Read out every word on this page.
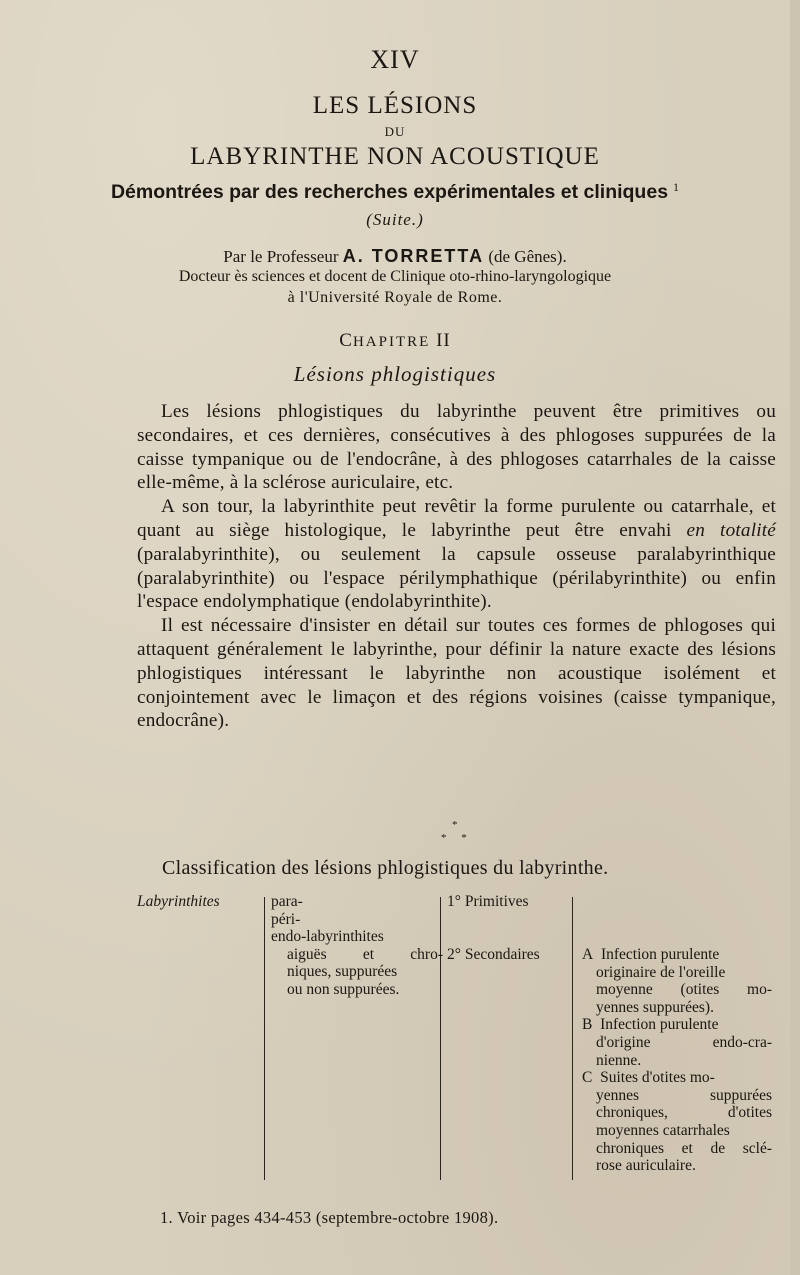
XIV
LES LÉSIONS
DU
LABYRINTHE NON ACOUSTIQUE
Démontrées par des recherches expérimentales et cliniques $^1$
(Suite.)
Par le Professeur A. TORRETTA (de Gênes).
Docteur ès sciences et docent de Clinique oto-rhino-laryngologique
à l'Université Royale de Rome.
CHAPITRE II
Lésions phlogistiques

Les lésions phlogistiques du labyrinthe peuvent être primitives ou secondaires, et ces dernières, consécutives à des phlogoses suppurées de la caisse tympanique ou de l'endocrâne, à des phlogoses catarrhales de la caisse elle-même, à la sclérose auriculaire, etc.

A son tour, la labyrinthite peut revêtir la forme purulente ou catarrhale, et quant au siège histologique, le labyrinthe peut être envahi en totalité (paralabyrinthite), ou seulement la capsule osseuse paralabyrinthique (paralabyrinthite) ou l'espace périlymphathique (périlabyrinthite) ou enfin l'espace endolymphatique (endolabyrinthite).

Il est nécessaire d'insister en détail sur toutes ces formes de phlogoses qui attaquent généralement le labyrinthe, pour définir la nature exacte des lésions phlogistiques intéressant le labyrinthe non acoustique isolément et conjointement avec le limaçon et des régions voisines (caisse tympanique, endocrâne).

*
* *
Classification des lésions phlogistiques du labyrinthe.
Labyrinthites	para-
péri-
endo-labyrinthites
aiguës et chro-
niques, suppurées
ou non suppurées.
1° Primitives
2° Secondaires	A Infection purulente
originaire de l'oreille
moyenne (otites mo-
yennes suppurées).
B Infection purulente
d'origine endo-cra-
nienne.
C Suites d'otites mo-
yennes suppurées
chroniques, d'otites
moyennes catarrhales
chroniques et de sclé-
rose auriculaire.
1. Voir pages 434-453 (septembre-octobre 1908).
